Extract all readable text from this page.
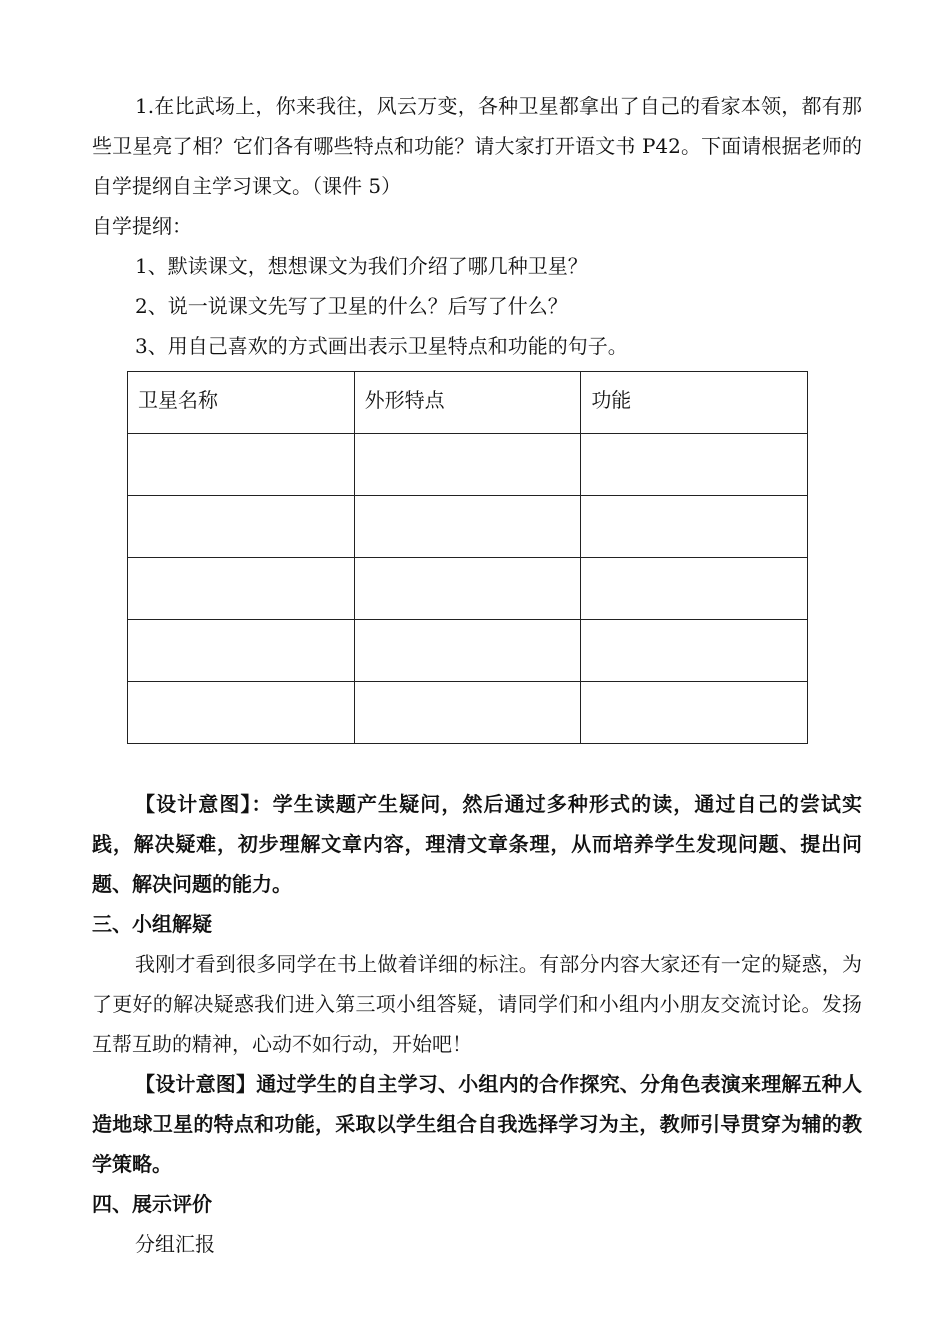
1.在比武场上，你来我往，风云万变，各种卫星都拿出了自己的看家本领，都有那些卫星亮了相？它们各有哪些特点和功能？请大家打开语文书 P42。下面请根据老师的自学提纲自主学习课文。（课件 5）

自学提纲：

1、默读课文，想想课文为我们介绍了哪几种卫星？

2、说一说课文先写了卫星的什么？后写了什么？

3、用自己喜欢的方式画出表示卫星特点和功能的句子。

卫星名称	外形特点	功能

【设计意图】：学生读题产生疑问，然后通过多种形式的读，通过自己的尝试实践，解决疑难，初步理解文章内容，理清文章条理，从而培养学生发现问题、提出问题、解决问题的能力。

三、小组解疑

我刚才看到很多同学在书上做着详细的标注。有部分内容大家还有一定的疑惑，为了更好的解决疑惑我们进入第三项小组答疑，请同学们和小组内小朋友交流讨论。发扬互帮互助的精神，心动不如行动，开始吧！

【设计意图】通过学生的自主学习、小组内的合作探究、分角色表演来理解五种人造地球卫星的特点和功能，采取以学生组合自我选择学习为主，教师引导贯穿为辅的教学策略。

四、展示评价

分组汇报
